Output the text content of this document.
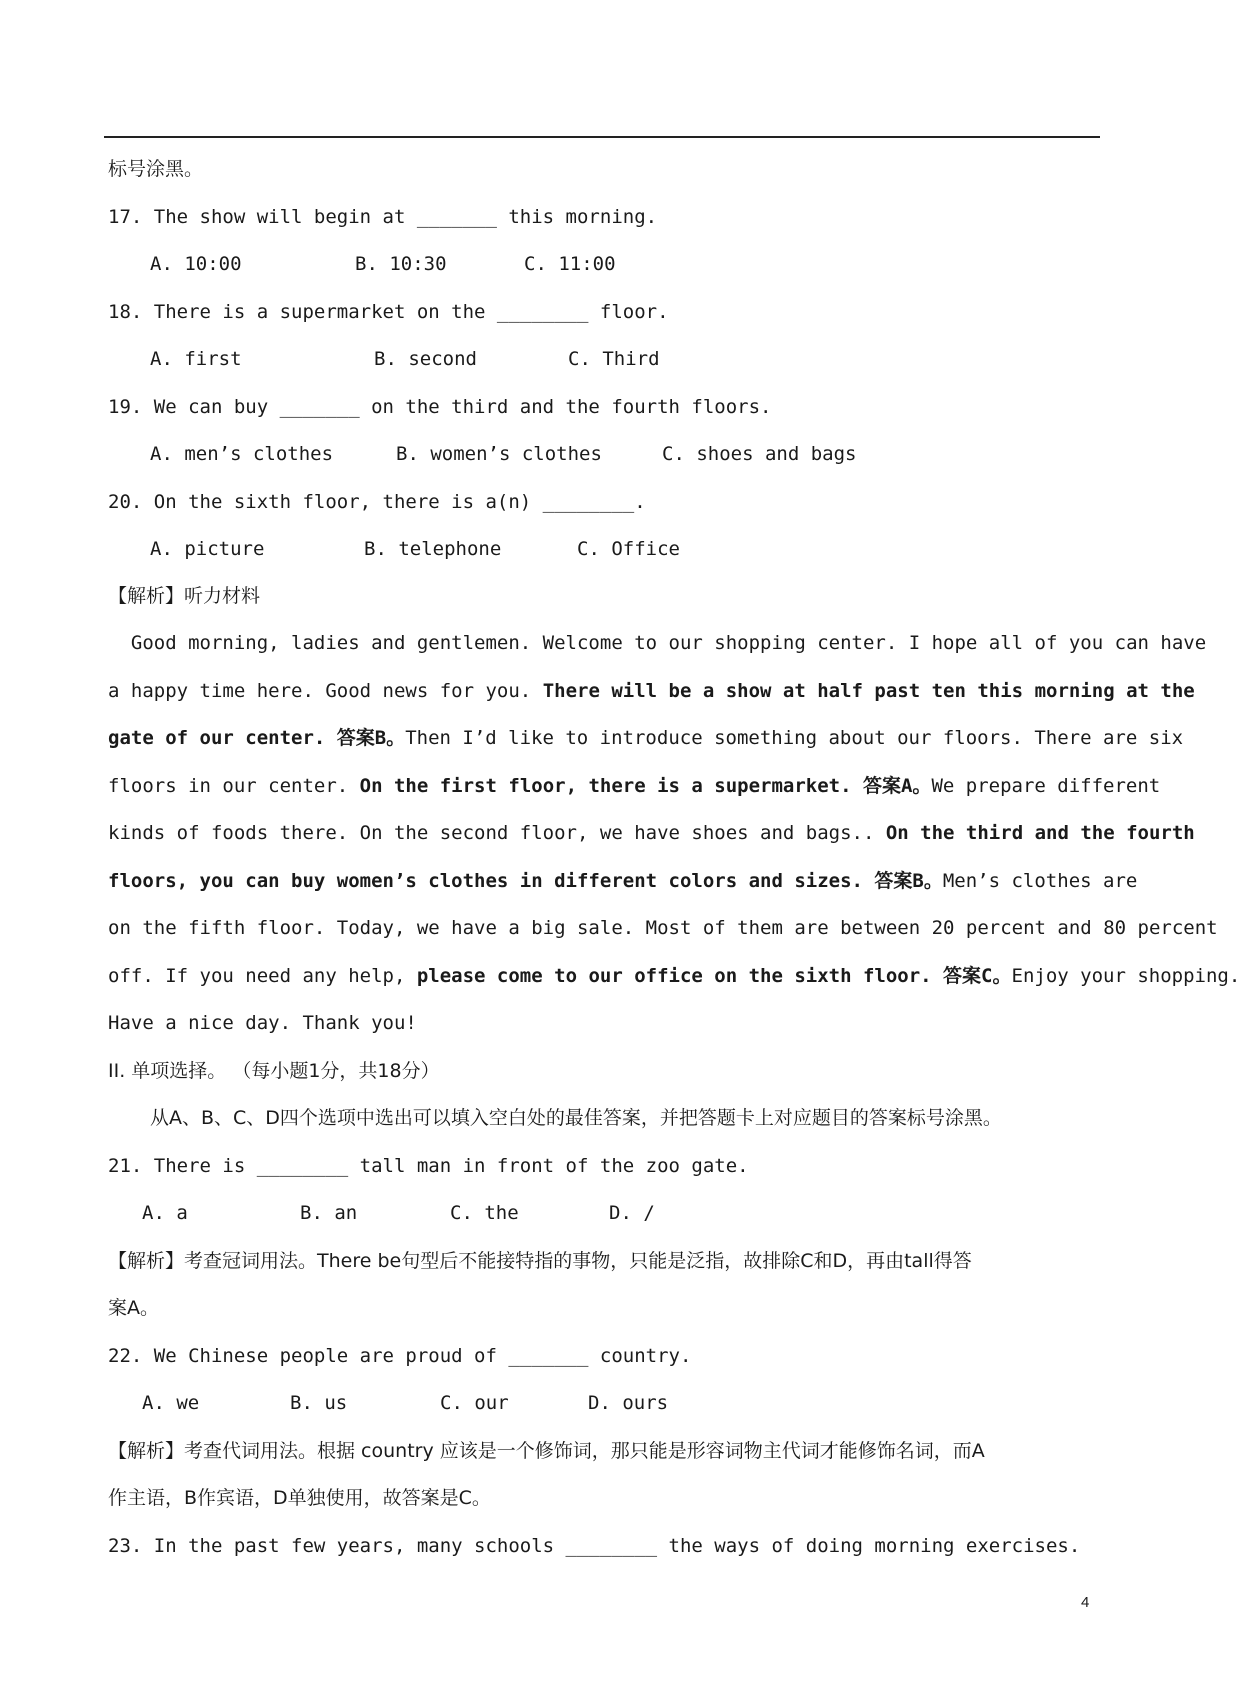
标号涂黑。
17. The show will begin at _______ this morning.
A. 10:00	B. 10:30	C. 11:00
18. There is a supermarket on the ________ floor.
A. first	B. second	C. Third
19. We can buy _______ on the third and the fourth floors.
A. men’s clothes	B. women’s clothes	C. shoes and bags
20. On the sixth floor, there is a(n) ________.
A. picture	B. telephone	C. Office
【解析】听力材料
Good morning, ladies and gentlemen. Welcome to our shopping center. I hope all of you can have
a happy time here. Good news for you. There will be a show at half past ten this morning at the
gate of our center. 答案B。Then I’d like to introduce something about our floors. There are six
floors in our center. On the first floor, there is a supermarket. 答案A。We prepare different
kinds of foods there. On the second floor, we have shoes and bags.. On the third and the fourth
floors, you can buy women’s clothes in different colors and sizes. 答案B。Men’s clothes are
on the fifth floor. Today, we have a big sale. Most of them are between 20 percent and 80 percent
off. If you need any help, please come to our office on the sixth floor. 答案C。Enjoy your shopping.
Have a nice day. Thank you!
II. 单项选择。 （每小题1分，共18分）
从A、B、C、D四个选项中选出可以填入空白处的最佳答案，并把答题卡上对应题目的答案标号涂黑。
21. There is ________ tall man in front of the zoo gate.
A. a	B. an	C. the	D. /
【解析】考查冠词用法。There be句型后不能接特指的事物，只能是泛指，故排除C和D，再由tall得答
案A。
22. We Chinese people are proud of _______ country.
A. we	B. us	C. our	D. ours
【解析】考查代词用法。根据 country 应该是一个修饰词，那只能是形容词物主代词才能修饰名词，而A
作主语，B作宾语，D单独使用，故答案是C。
23. In the past few years, many schools ________ the ways of doing morning exercises.
4
